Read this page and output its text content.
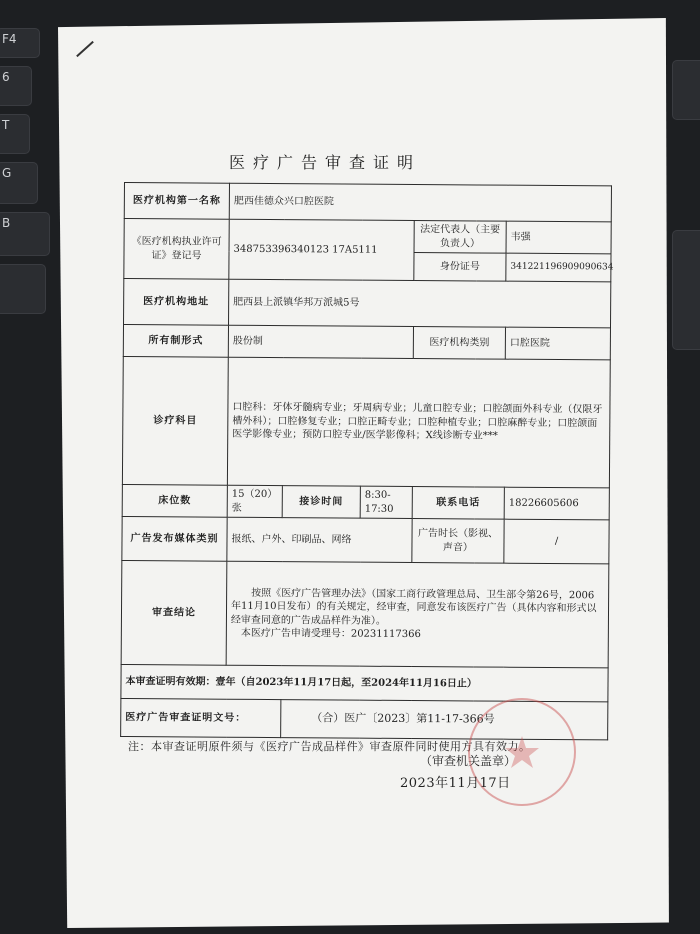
F4
6
T
G
B
医疗广告审查证明
医疗机构第一名称	肥西佳德众兴口腔医院				
《医疗机构执业许可证》登记号	348753396340123 17A5111			法定代表人（主要负责人）	韦强
				身份证号	341221196909090634
医疗机构地址	肥西县上派镇华邦万派城5号				
所有制形式	股份制			医疗机构类别	口腔医院
诊疗科目	口腔科：牙体牙髓病专业；牙周病专业；儿童口腔专业；口腔颌面外科专业（仅限牙槽外科）；口腔修复专业；口腔正畸专业；口腔种植专业；口腔麻醉专业；口腔颌面医学影像专业；预防口腔专业/医学影像科；X线诊断专业***				
床位数	15（20）张	接诊时间	8:30-17:30	联系电话	18226605606
广告发布媒体类别	报纸、户外、印刷品、网络			广告时长（影视、声音）	/
审查结论	按照《医疗广告管理办法》（国家工商行政管理总局、卫生部令第26号，2006年11月10日发布）的有关规定，经审查，同意发布该医疗广告（具体内容和形式以经审查同意的广告成品样件为准）。
本医疗广告申请受理号：20231117366				

本审查证明有效期：壹年（自2023年11月17日起，至2024年11月16日止）					
医疗广告审查证明文号：		（合）医广〔2023〕第11-17-366号			
注：本审查证明原件须与《医疗广告成品样件》审查原件同时使用方具有效力。
（审查机关盖章）
2023年11月17日
